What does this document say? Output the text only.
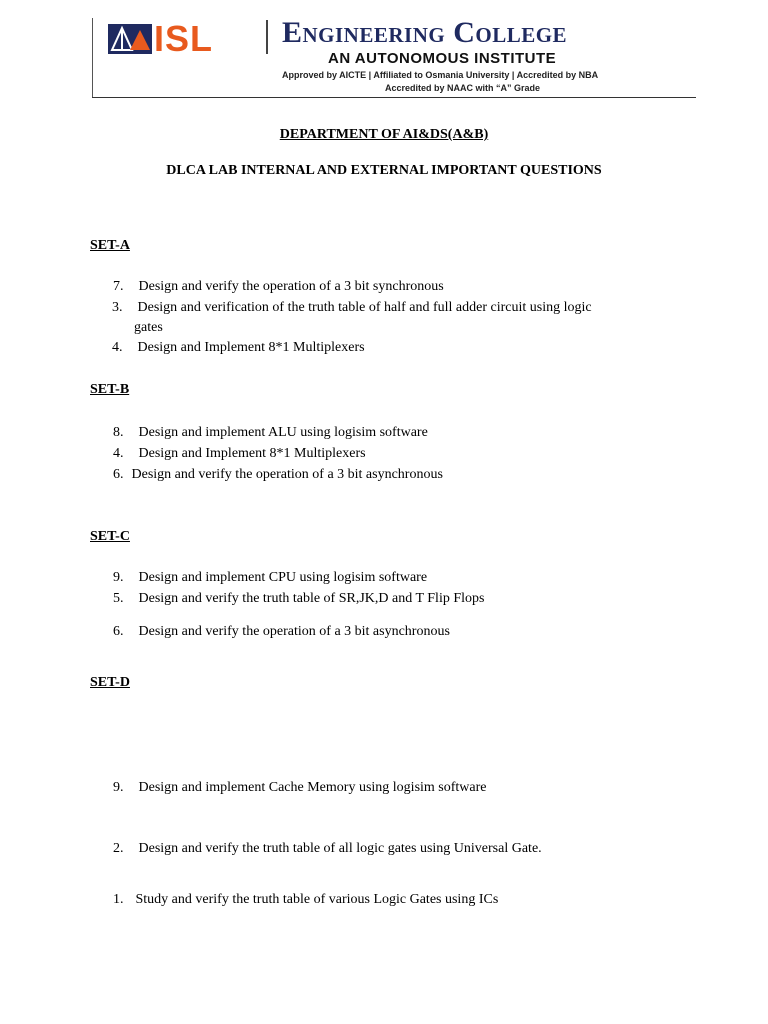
ISL Engineering College
AN AUTONOMOUS INSTITUTE
Approved by AICTE | Affiliated to Osmania University | Accredited by NBA
Accredited by NAAC with “A” Grade
DEPARTMENT OF AI&DS(A&B)
DLCA LAB INTERNAL AND EXTERNAL IMPORTANT QUESTIONS
SET-A
7. Design and verify the operation of a 3 bit synchronous
3. Design and verification of the truth table of half and full adder circuit using logic
gates
4. Design and Implement 8*1 Multiplexers
SET-B
8. Design and implement ALU using logisim software
4. Design and Implement 8*1 Multiplexers
6. Design and verify the operation of a 3 bit asynchronous
SET-C
9. Design and implement CPU using logisim software
5. Design and verify the truth table of SR,JK,D and T Flip Flops
6. Design and verify the operation of a 3 bit asynchronous
SET-D
9. Design and implement Cache Memory using logisim software
2. Design and verify the truth table of all logic gates using Universal Gate.
1. Study and verify the truth table of various Logic Gates using ICs
